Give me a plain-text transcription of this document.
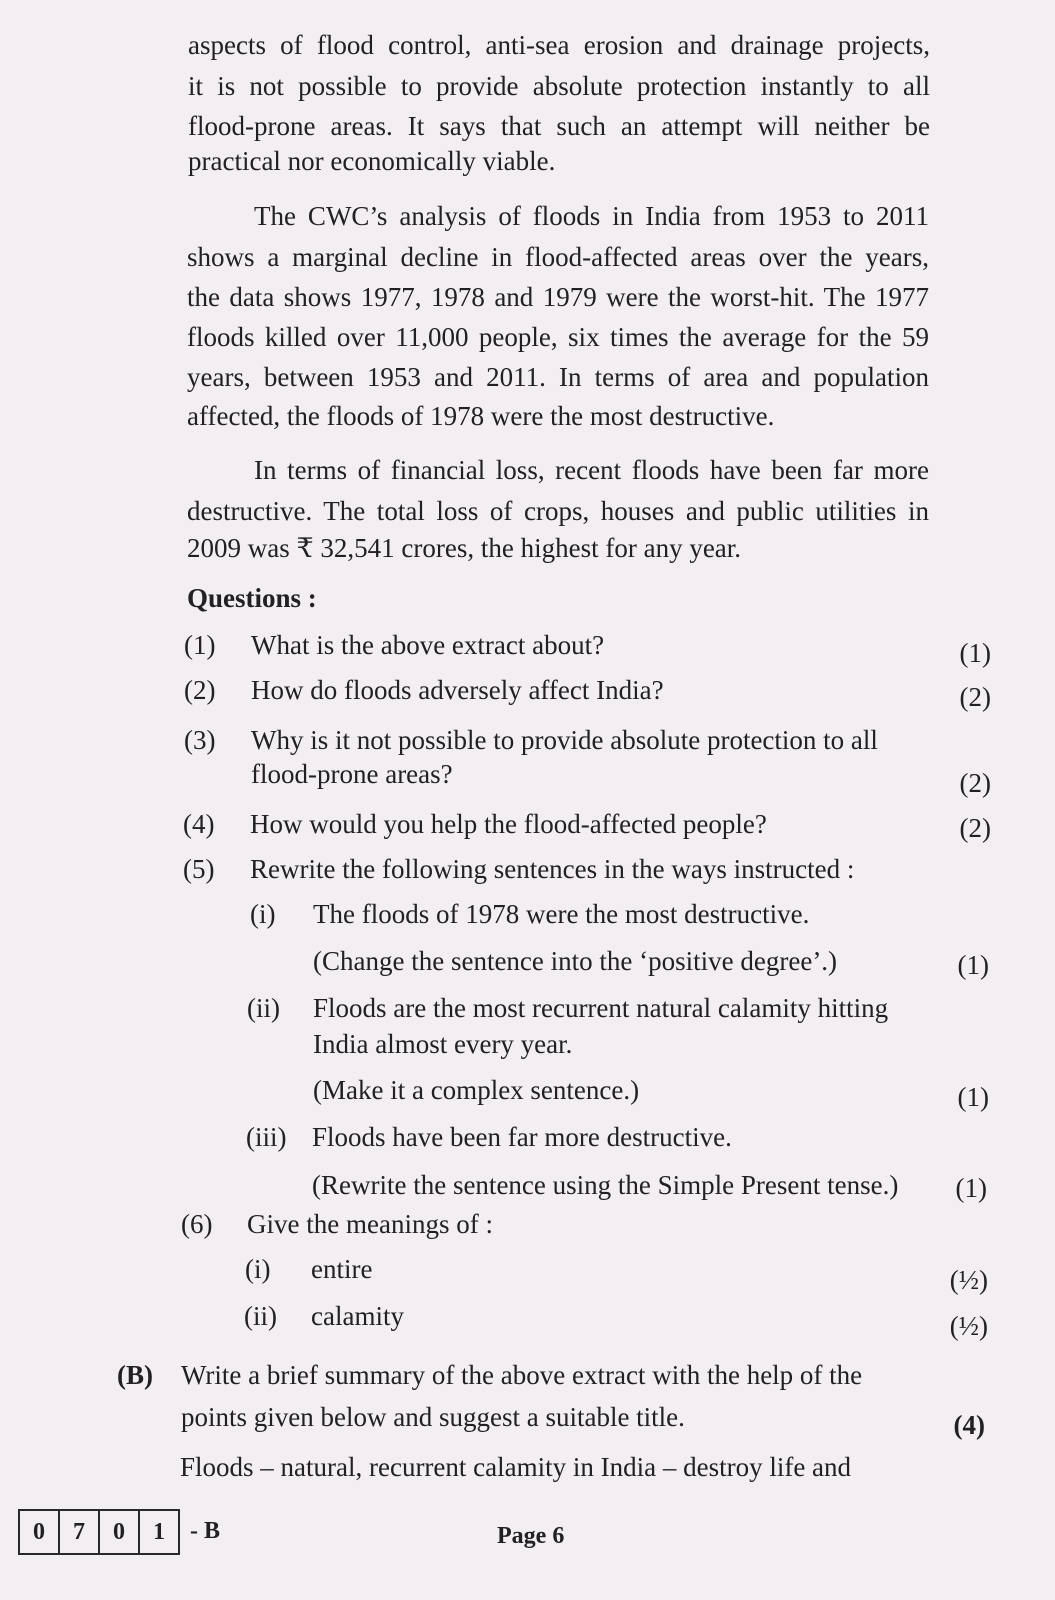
aspects of flood control, anti-sea erosion and drainage projects,
it is not possible to provide absolute protection instantly to all
flood-prone areas. It says that such an attempt will neither be
practical nor economically viable.
The CWC’s analysis of floods in India from 1953 to 2011
shows a marginal decline in flood-affected areas over the years,
the data shows 1977, 1978 and 1979 were the worst-hit. The 1977
floods killed over 11,000 people, six times the average for the 59
years, between 1953 and 2011. In terms of area and population
affected, the floods of 1978 were the most destructive.
In terms of financial loss, recent floods have been far more
destructive. The total loss of crops, houses and public utilities in
2009 was ₹ 32,541 crores, the highest for any year.
Questions :
(1) What is the above extract about?	(1)
(2) How do floods adversely affect India?	(2)
(3) Why is it not possible to provide absolute protection to all
flood-prone areas?	(2)
(4) How would you help the flood-affected people?	(2)
(5) Rewrite the following sentences in the ways instructed :
(i) The floods of 1978 were the most destructive.
(Change the sentence into the ‘positive degree’.)	(1)
(ii) Floods are the most recurrent natural calamity hitting
India almost every year.
(Make it a complex sentence.)	(1)
(iii) Floods have been far more destructive.
(Rewrite the sentence using the Simple Present tense.) (1)
(6) Give the meanings of :
(i) entire	(½)
(ii) calamity	(½)
(B) Write a brief summary of the above extract with the help of the
points given below and suggest a suitable title.	(4)
Floods – natural, recurrent calamity in India – destroy life and
0	7	0	1	- B	Page 6
